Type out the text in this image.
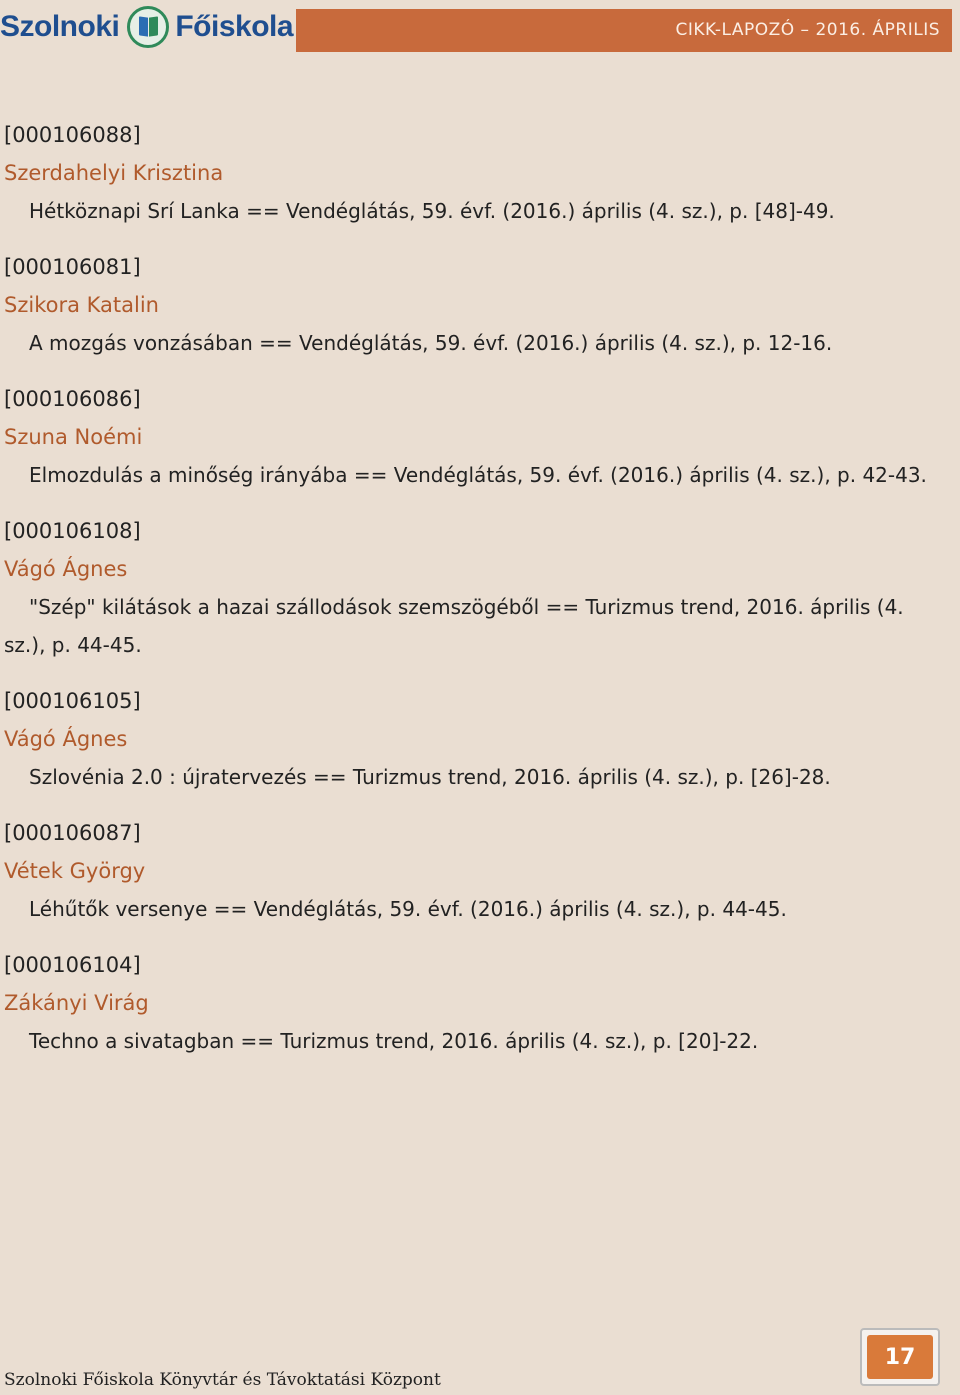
Szolnoki Főiskola	CIKK-LAPOZÓ – 2016. ÁPRILIS
[000106088]
Szerdahelyi Krisztina
Hétköznapi Srí Lanka == Vendéglátás, 59. évf. (2016.) április (4. sz.), p. [48]-49.
[000106081]
Szikora Katalin
A mozgás vonzásában == Vendéglátás, 59. évf. (2016.) április (4. sz.), p. 12-16.
[000106086]
Szuna Noémi
Elmozdulás a minőség irányába == Vendéglátás, 59. évf. (2016.) április (4. sz.), p. 42-43.
[000106108]
Vágó Ágnes
"Szép" kilátások a hazai szállodások szemszögéből == Turizmus trend, 2016. április (4. sz.), p. 44-45.
[000106105]
Vágó Ágnes
Szlovénia 2.0 : újratervezés == Turizmus trend, 2016. április (4. sz.), p. [26]-28.
[000106087]
Vétek György
Léhűtők versenye == Vendéglátás, 59. évf. (2016.) április (4. sz.), p. 44-45.
[000106104]
Zákányi Virág
Techno a sivatagban == Turizmus trend, 2016. április (4. sz.), p. [20]-22.
Szolnoki Főiskola Könyvtár és Távoktatási Központ
17
